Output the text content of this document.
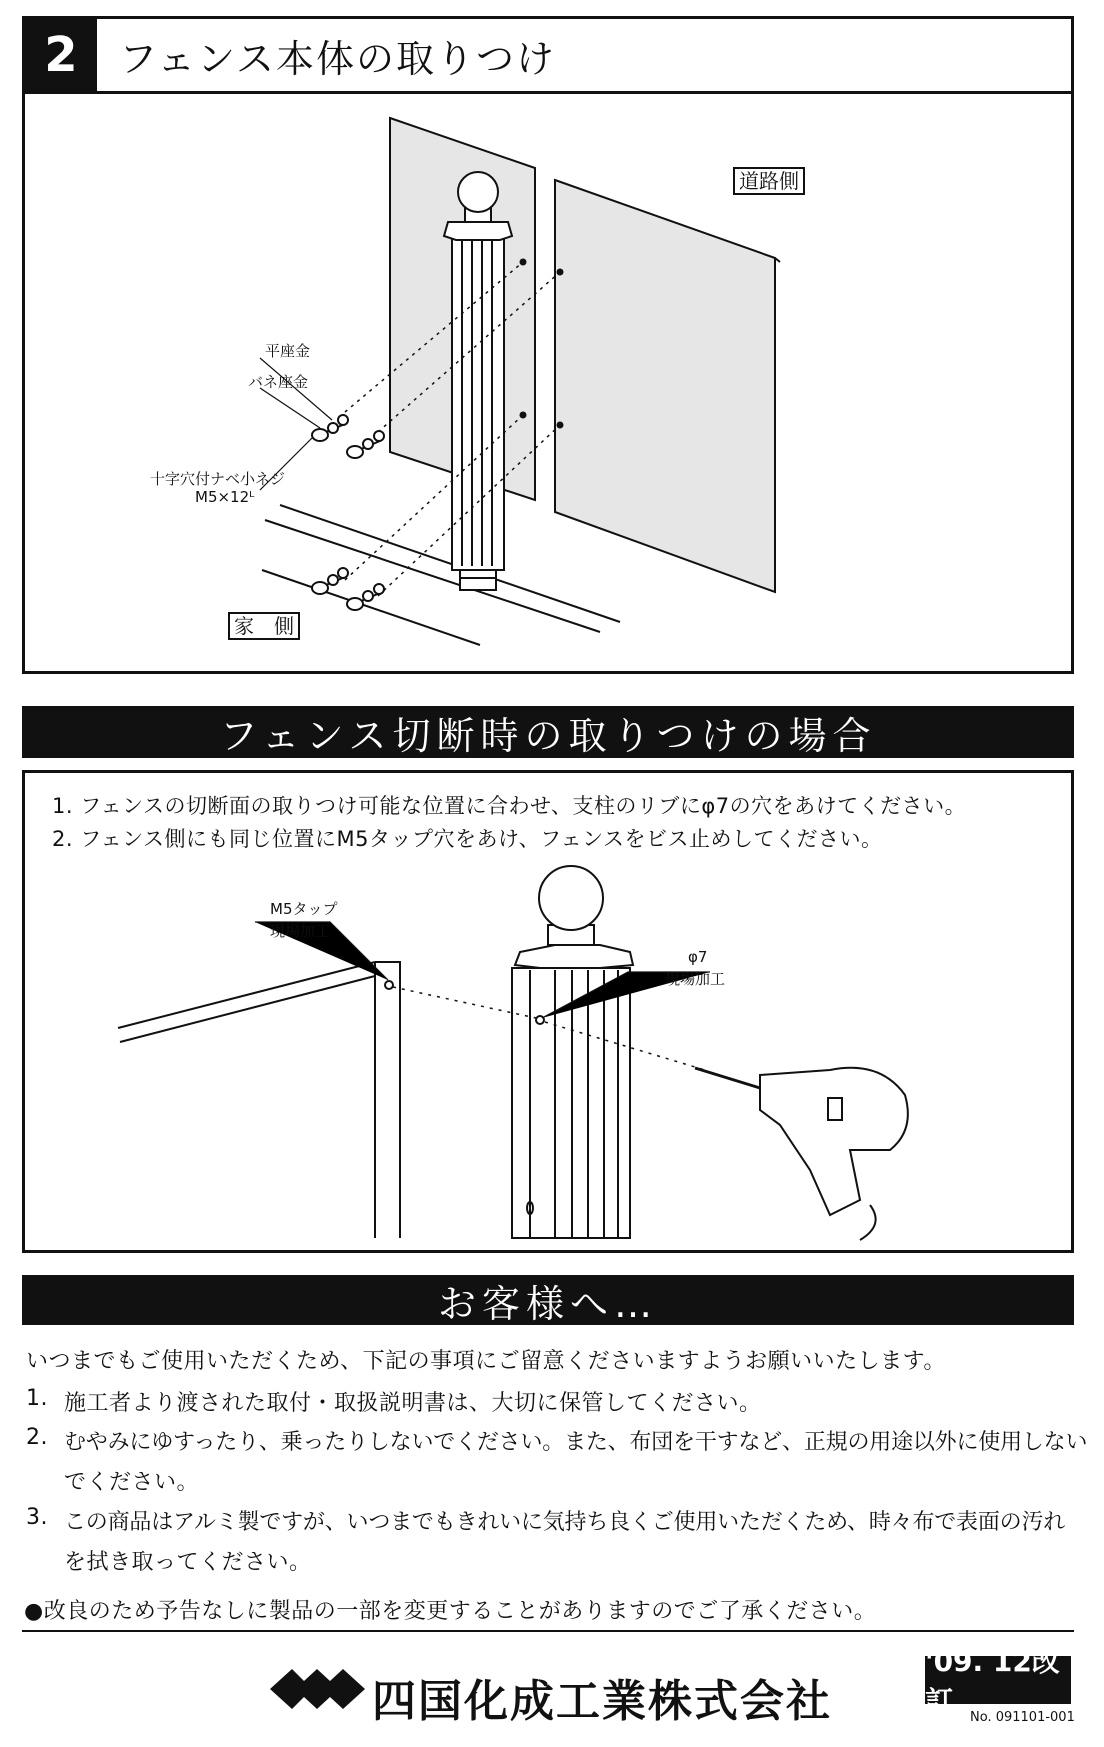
2	フェンス本体の取りつけ
道路側
家　側
平座金
バネ座金
十字穴付ナベ小ネジ
M5×12ᴸ
フェンス切断時の取りつけの場合
1. フェンスの切断面の取りつけ可能な位置に合わせ、支柱のリブにφ7の穴をあけてください。
2. フェンス側にも同じ位置にM5タップ穴をあけ、フェンスをビス止めしてください。
M5タップ
現場加工
φ7
現場加工
お客様へ…
いつまでもご使用いただくため、下記の事項にご留意くださいますようお願いいたします。
1. 施工者より渡された取付・取扱説明書は、大切に保管してください。
2. むやみにゆすったり、乗ったりしないでください。また、布団を干すなど、正規の用途以外に使用しない
でください。
3. この商品はアルミ製ですが、いつまでもきれいに気持ち良くご使用いただくため、時々布で表面の汚れ
を拭き取ってください。
●改良のため予告なしに製品の一部を変更することがありますのでご了承ください。
四国化成工業株式会社
'09. 12改訂	No. 091101-001
